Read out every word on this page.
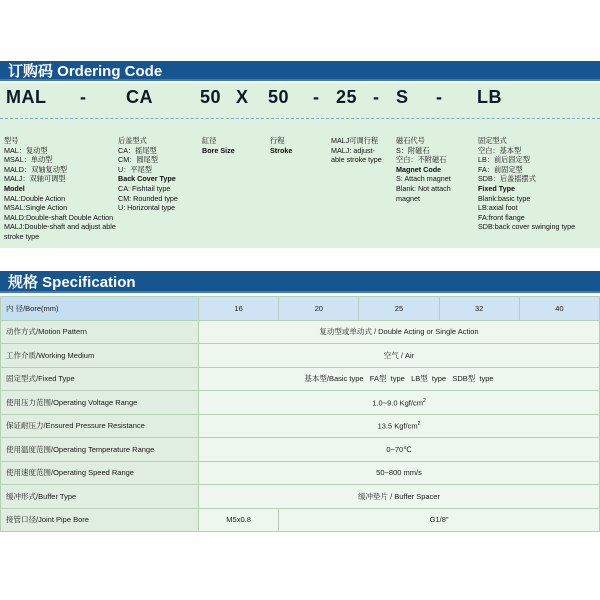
订购码 Ordering Code
MAL - CA	50 X 50 - 25 - S - LB
型号
MAL：复动型
MSAL：单动型
MALD：双轴复动型
MALJ：双轴可调型
Model
MAL:Double Action
MSAL:Single Action
MALD:Double-shaft Double Action
MALJ:Double-shaft and adjust able
stroke type
后盖型式
CA：摇尾型
CM：圆尾型
U：平尾型
Back Cover Type
CA: Fishtail type
CM: Rounded type
U: Horizontal type
缸径
Bore Size
行程
Stroke
MALJ可调行程
MALJ: adjust-
able stroke type
磁石代号
S：附磁石
空白：不附磁石
Magnet Code
S: Attach magnet
Blank: Not attach
magnet
固定型式
空白：基本型
LB：前后固定型
FA：前固定型
SDB：后盖摇摆式
Fixed Type
Blank:basic type
LB:axial foot
FA:front flange
SDB:back cover swinging type
规格 Specification
内 径/Bore(mm)	16	20	25	32	40
动作方式/Motion Pattern	复动型或单动式 / Double Acting or Single Action				
工作介质/Working Medium	空气 / Air				
固定型式/Fixed Type	基本型/Basic type   FA型  type   LB型  type   SDB型  type				
使用压力范围/Operating Voltage Range	1.0~9.0 Kgf/$cm^2$
保证耐压力/Ensured Pressure Resistance	13.5 Kgf/$cm^2$
使用温度范围/Operating Temperature Range	0~70℃				
使用速度范围/Operating Speed Range	50~800 mm/s				
缓冲形式/Buffer Type	缓冲垫片 / Buffer Spacer				
接管口径/Joint Pipe Bore	M5x0.8	G1/8"			
